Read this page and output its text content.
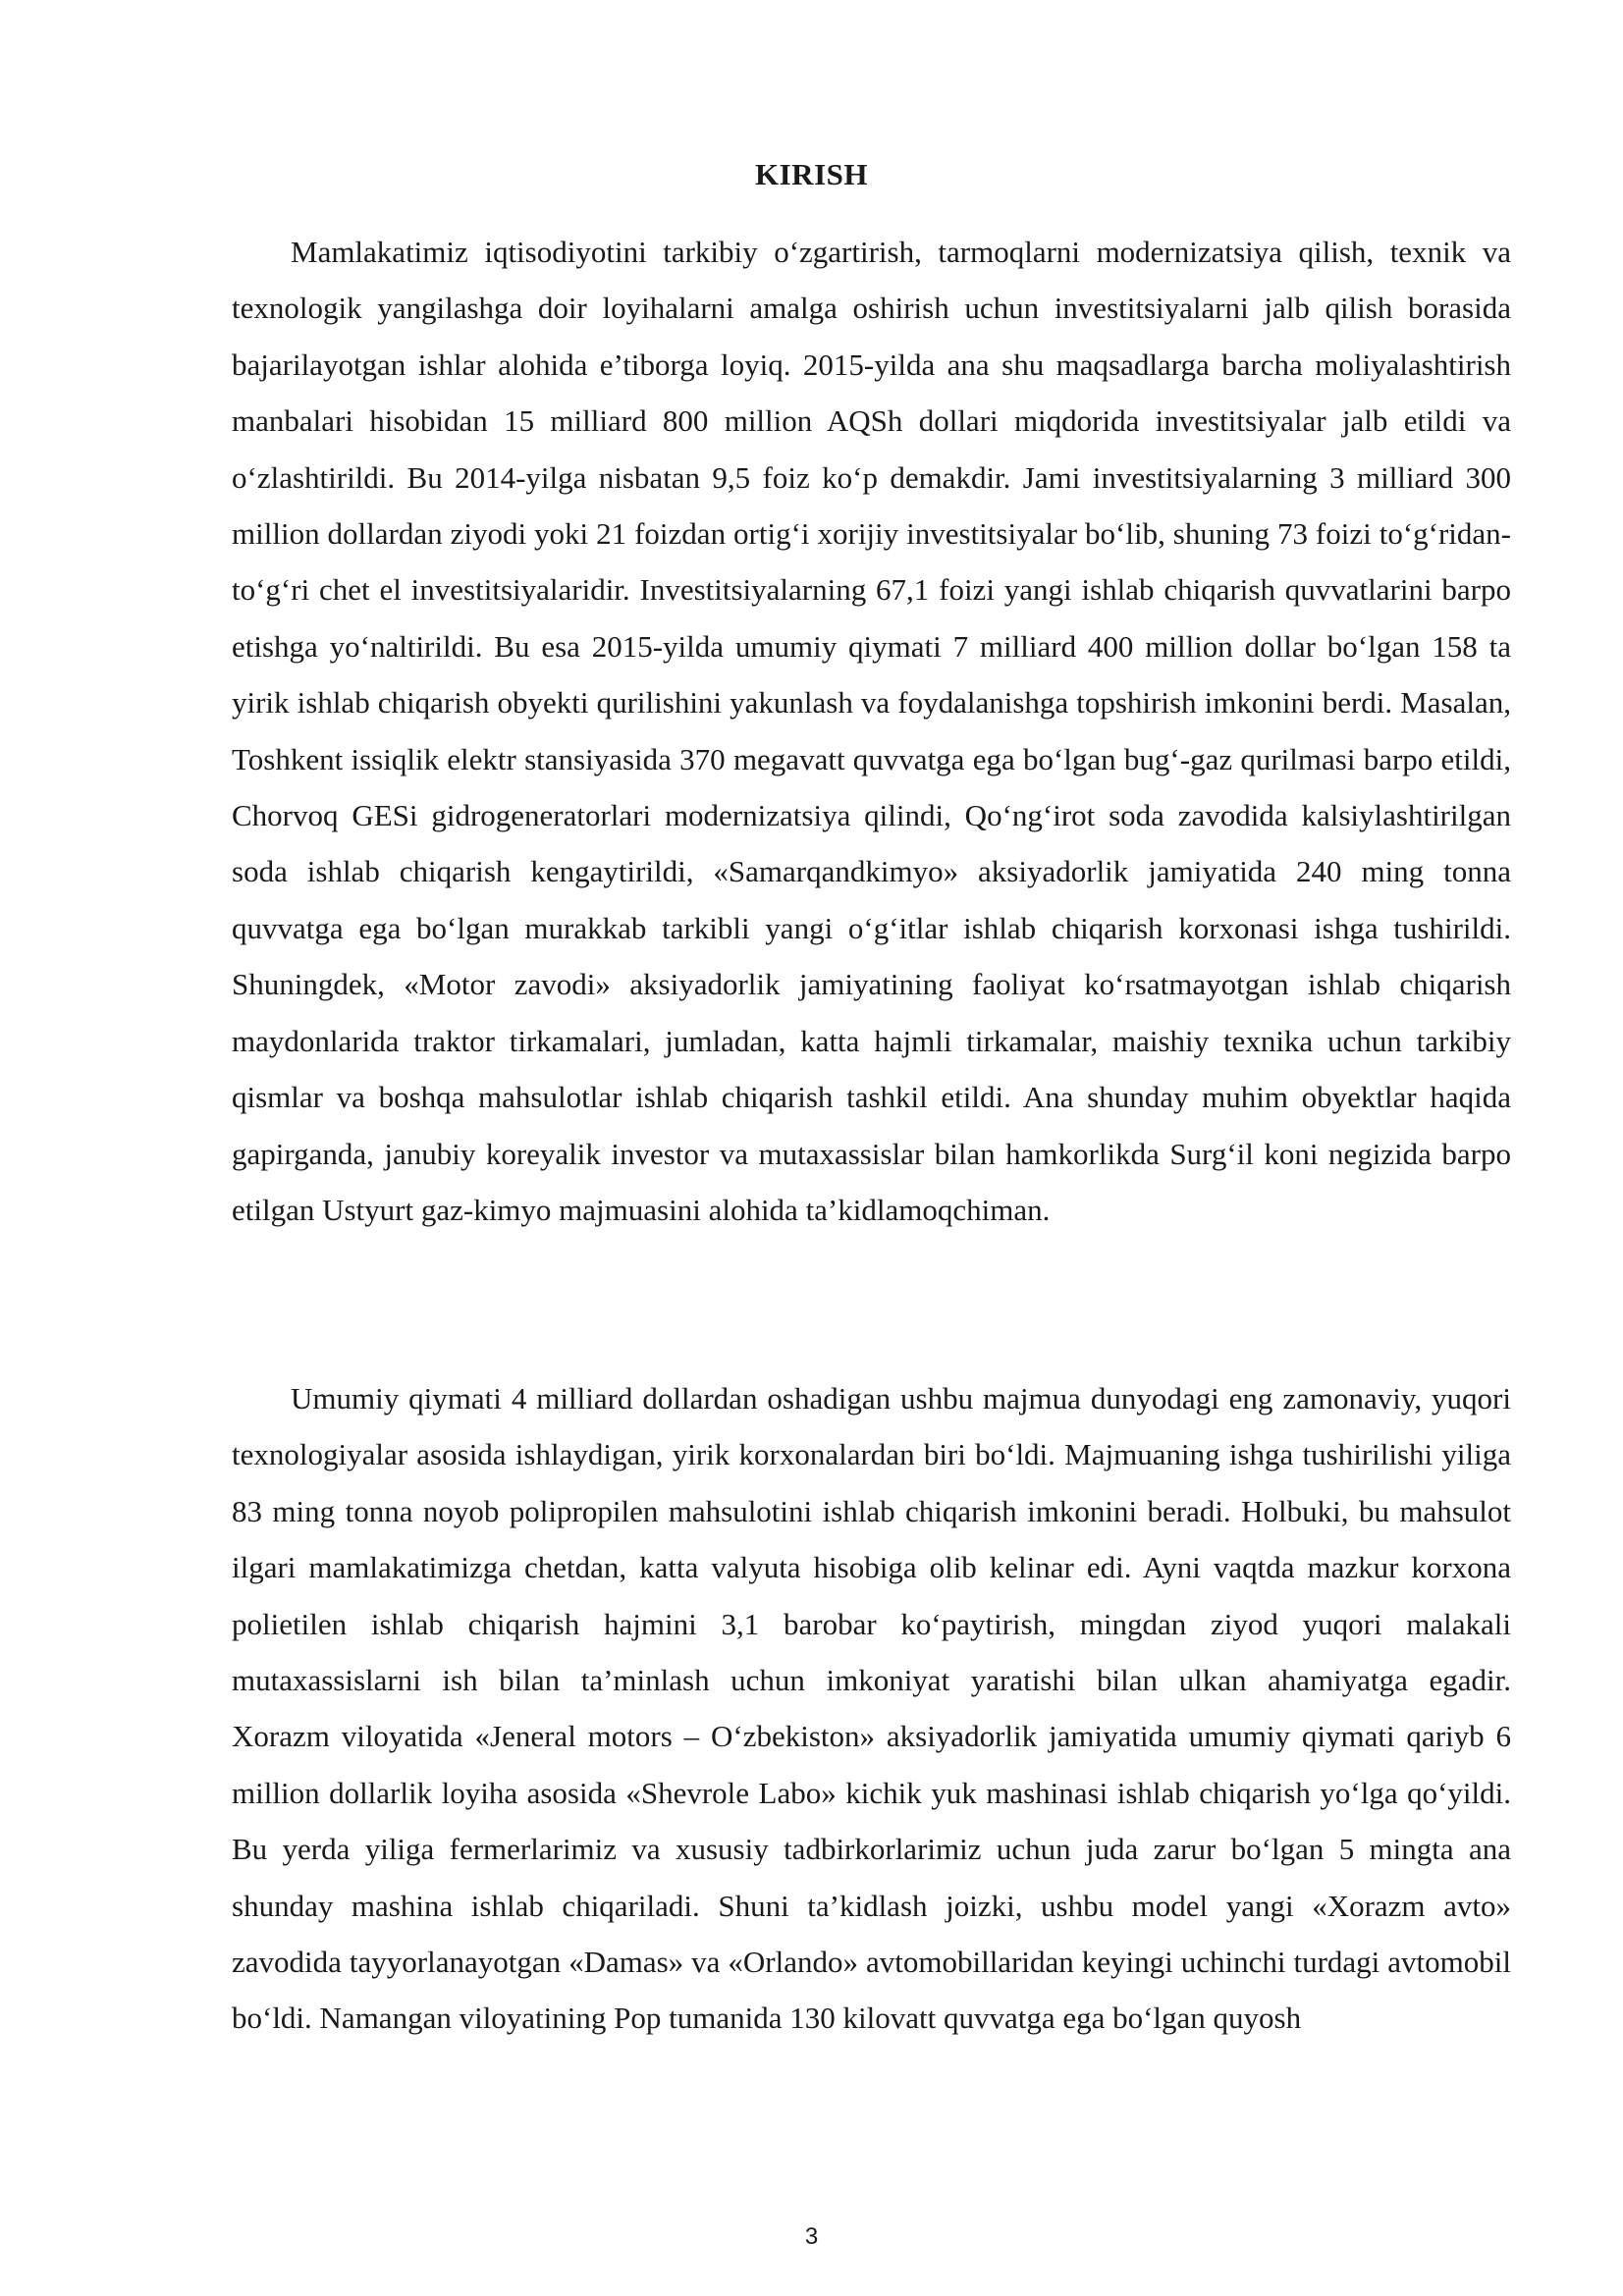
KIRISH

Mamlakatimiz iqtisodiyotini tarkibiy o‘zgartirish, tarmoqlarni modernizatsiya qilish, texnik va texnologik yangilashga doir loyihalarni amalga oshirish uchun investitsiyalarni jalb qilish borasida bajarilayotgan ishlar alohida e’tiborga loyiq. 2015-yilda ana shu maqsadlarga barcha moliyalashtirish manbalari hisobidan 15 milliard 800 million AQSh dollari miqdorida investitsiyalar jalb etildi va o‘zlashtirildi. Bu 2014-yilga nisbatan 9,5 foiz ko‘p demakdir. Jami investitsiyalarning 3 milliard 300 million dollardan ziyodi yoki 21 foizdan ortig‘i xorijiy investitsiyalar bo‘lib, shuning 73 foizi to‘g‘ridan-to‘g‘ri chet el investitsiyalaridir. Investitsiyalarning 67,1 foizi yangi ishlab chiqarish quvvatlarini barpo etishga yo‘naltirildi. Bu esa 2015-yilda umumiy qiymati 7 milliard 400 million dollar bo‘lgan 158 ta yirik ishlab chiqarish obyekti qurilishini yakunlash va foydalanishga topshirish imkonini berdi. Masalan, Toshkent issiqlik elektr stansiyasida 370 megavatt quvvatga ega bo‘lgan bug‘-gaz qurilmasi barpo etildi, Chorvoq GESi gidrogeneratorlari modernizatsiya qilindi, Qo‘ng‘irot soda zavodida kalsiylashtirilgan soda ishlab chiqarish kengaytirildi, «Samarqandkimyo» aksiyadorlik jamiyatida 240 ming tonna quvvatga ega bo‘lgan murakkab tarkibli yangi o‘g‘itlar ishlab chiqarish korxonasi ishga tushirildi. Shuningdek, «Motor zavodi» aksiyadorlik jamiyatining faoliyat ko‘rsatmayotgan ishlab chiqarish maydonlarida traktor tirkamalari, jumladan, katta hajmli tirkamalar, maishiy texnika uchun tarkibiy qismlar va boshqa mahsulotlar ishlab chiqarish tashkil etildi. Ana shunday muhim obyektlar haqida gapirganda, janubiy koreyalik investor va mutaxassislar bilan hamkorlikda Surg‘il koni negizida barpo etilgan Ustyurt gaz-kimyo majmuasini alohida ta’kidlamoqchiman.

Umumiy qiymati 4 milliard dollardan oshadigan ushbu majmua dunyodagi eng zamonaviy, yuqori texnologiyalar asosida ishlaydigan, yirik korxonalardan biri bo‘ldi. Majmuaning ishga tushirilishi yiliga 83 ming tonna noyob polipropilen mahsulotini ishlab chiqarish imkonini beradi. Holbuki, bu mahsulot ilgari mamlakatimizga chetdan, katta valyuta hisobiga olib kelinar edi. Ayni vaqtda mazkur korxona polietilen ishlab chiqarish hajmini 3,1 barobar ko‘paytirish, mingdan ziyod yuqori malakali mutaxassislarni ish bilan ta’minlash uchun imkoniyat yaratishi bilan ulkan ahamiyatga egadir.            Xorazm viloyatida «Jeneral motors – O‘zbekiston» aksiyadorlik jamiyatida umumiy qiymati qariyb 6 million dollarlik loyiha asosida «Shevrole Labo» kichik yuk mashinasi ishlab chiqarish yo‘lga qo‘yildi. Bu yerda yiliga fermerlarimiz va xususiy tadbirkorlarimiz uchun juda zarur bo‘lgan 5 mingta ana shunday mashina ishlab chiqariladi. Shuni ta’kidlash joizki, ushbu model yangi «Xorazm avto» zavodida tayyorlanayotgan «Damas» va «Orlando» avtomobillaridan keyingi uchinchi turdagi avtomobil bo‘ldi. Namangan viloyatining Pop tumanida 130 kilovatt quvvatga ega bo‘lgan quyosh

3
